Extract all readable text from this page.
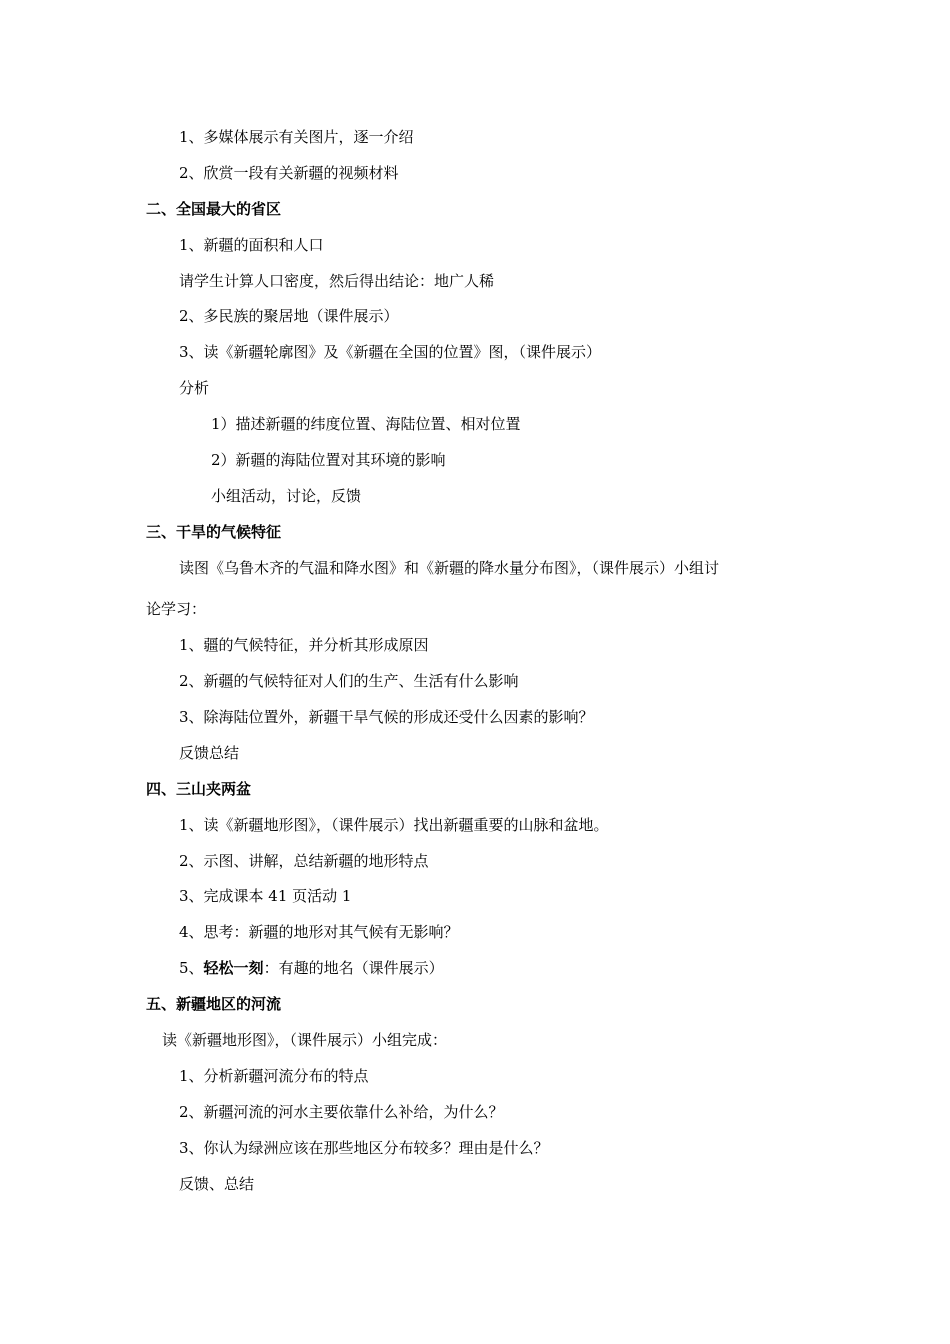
1、多媒体展示有关图片，逐一介绍
2、欣赏一段有关新疆的视频材料
二、全国最大的省区
1、新疆的面积和人口
请学生计算人口密度，然后得出结论：地广人稀
2、多民族的聚居地（课件展示）
3、读《新疆轮廓图》及《新疆在全国的位置》图，（课件展示）
分析
1）描述新疆的纬度位置、海陆位置、相对位置
2）新疆的海陆位置对其环境的影响
小组活动，讨论，反馈
三、干旱的气候特征
读图《乌鲁木齐的气温和降水图》和《新疆的降水量分布图》，（课件展示）小组讨
论学习：
1、疆的气候特征，并分析其形成原因
2、新疆的气候特征对人们的生产、生活有什么影响
3、除海陆位置外，新疆干旱气候的形成还受什么因素的影响？
反馈总结
四、三山夹两盆
1、读《新疆地形图》，（课件展示）找出新疆重要的山脉和盆地。
2、示图、讲解，总结新疆的地形特点
3、完成课本 41 页活动 1
4、思考：新疆的地形对其气候有无影响？
5、轻松一刻：有趣的地名（课件展示）
五、新疆地区的河流
读《新疆地形图》，（课件展示）小组完成：
1、分析新疆河流分布的特点
2、新疆河流的河水主要依靠什么补给，为什么？
3、你认为绿洲应该在那些地区分布较多？理由是什么？
反馈、总结
